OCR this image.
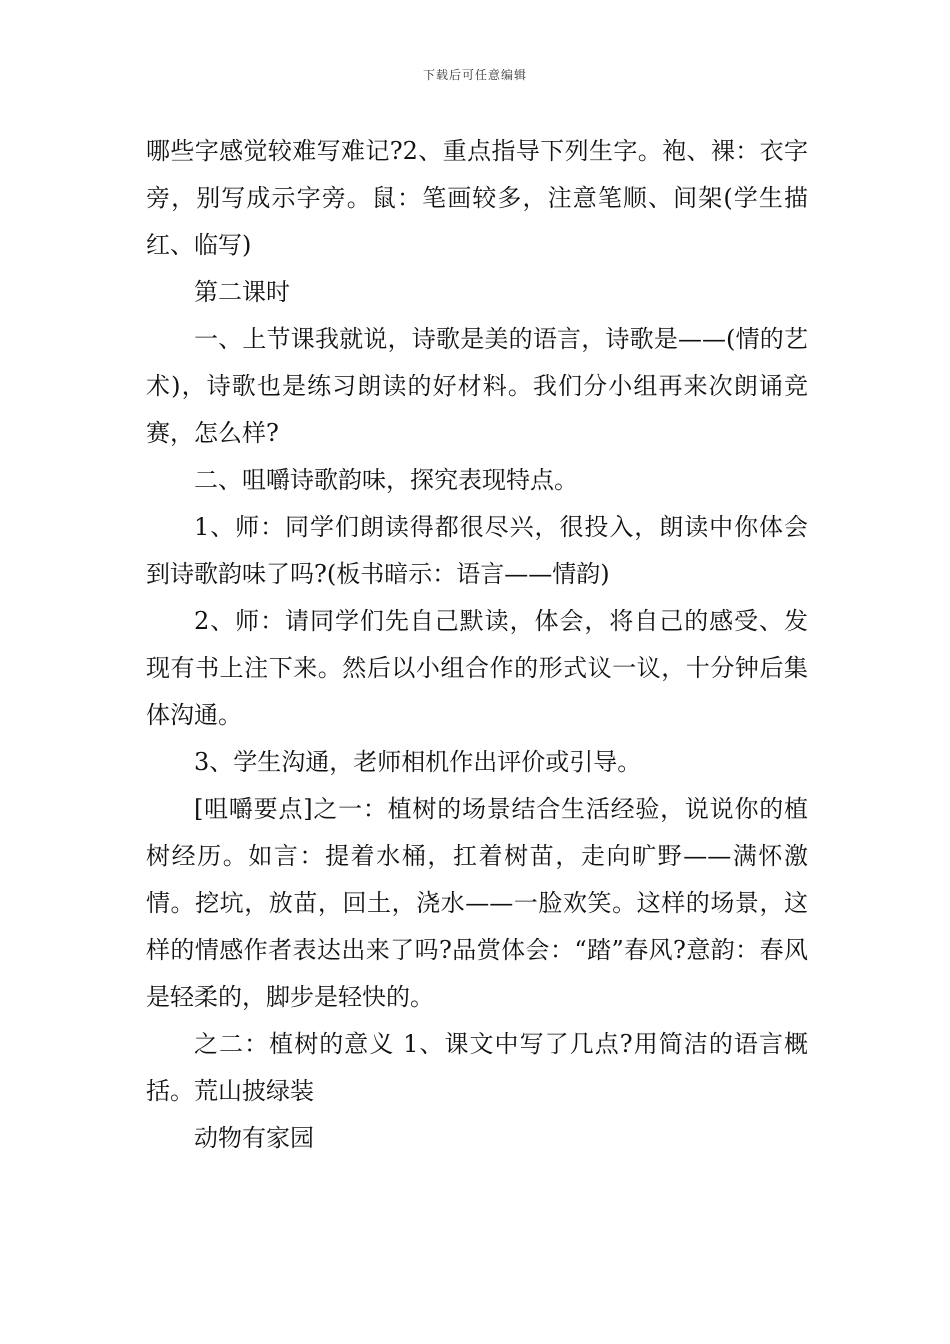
下载后可任意编辑

哪些字感觉较难写难记?2、重点指导下列生字。袍、裸：衣字旁，别写成示字旁。鼠：笔画较多，注意笔顺、间架(学生描红、临写)

第二课时

一、上节课我就说，诗歌是美的语言，诗歌是——(情的艺术)，诗歌也是练习朗读的好材料。我们分小组再来次朗诵竞赛，怎么样?

二、咀嚼诗歌韵味，探究表现特点。

1、师：同学们朗读得都很尽兴，很投入，朗读中你体会到诗歌韵味了吗?(板书暗示：语言——情韵)

2、师：请同学们先自己默读，体会，将自己的感受、发现有书上注下来。然后以小组合作的形式议一议，十分钟后集体沟通。

3、学生沟通，老师相机作出评价或引导。

[咀嚼要点]之一：植树的场景结合生活经验，说说你的植树经历。如言：提着水桶，扛着树苗，走向旷野——满怀激情。挖坑，放苗，回土，浇水——一脸欢笑。这样的场景，这样的情感作者表达出来了吗?品赏体会：“踏”春风?意韵：春风是轻柔的，脚步是轻快的。

之二：植树的意义 1、课文中写了几点?用简洁的语言概括。荒山披绿装

动物有家园
